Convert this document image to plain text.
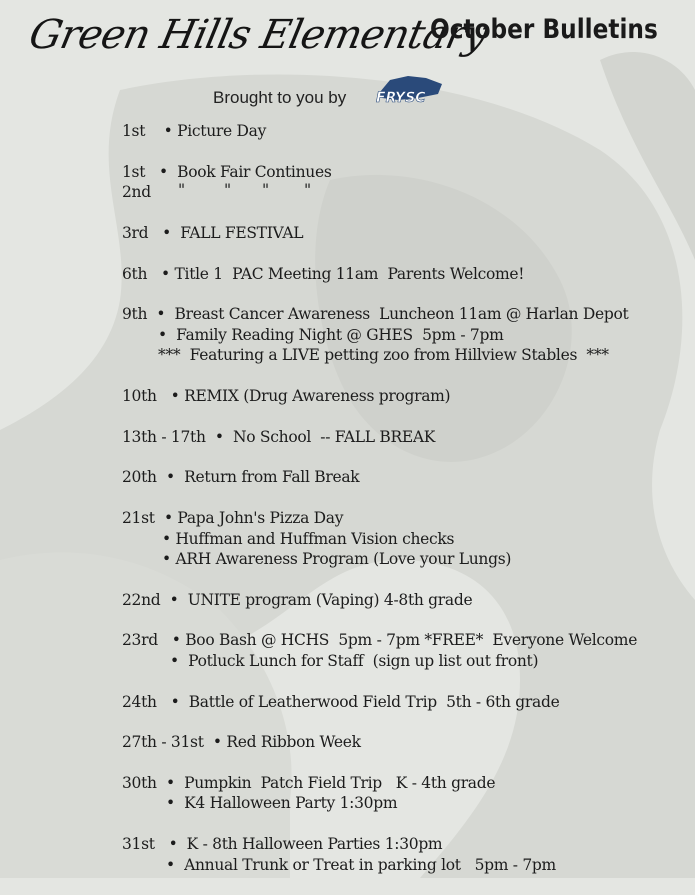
Green Hills Elementary
October Bulletins
Brought to you by FRYSC
1st    • Picture Day
1st   •  Book Fair Continues
2nd	"	" " "
3rd   •  FALL FESTIVAL
6th   • Title 1  PAC Meeting 11am  Parents Welcome!
9th  •  Breast Cancer Awareness  Luncheon 11am @ Harlan Depot
•  Family Reading Night @ GHES  5pm - 7pm
***  Featuring a LIVE petting zoo from Hillview Stables  ***
10th   • REMIX (Drug Awareness program)
13th - 17th  •  No School  -- FALL BREAK
20th  •  Return from Fall Break
21st  • Papa John's Pizza Day
• Huffman and Huffman Vision checks
• ARH Awareness Program (Love your Lungs)
22nd  •  UNITE program (Vaping) 4-8th grade
23rd   • Boo Bash @ HCHS  5pm - 7pm *FREE*  Everyone Welcome
•  Potluck Lunch for Staff  (sign up list out front)
24th   •  Battle of Leatherwood Field Trip  5th - 6th grade
27th - 31st  • Red Ribbon Week
30th  •  Pumpkin  Patch Field Trip   K - 4th grade
•  K4 Halloween Party 1:30pm
31st   •  K - 8th Halloween Parties 1:30pm
•  Annual Trunk or Treat in parking lot   5pm - 7pm
